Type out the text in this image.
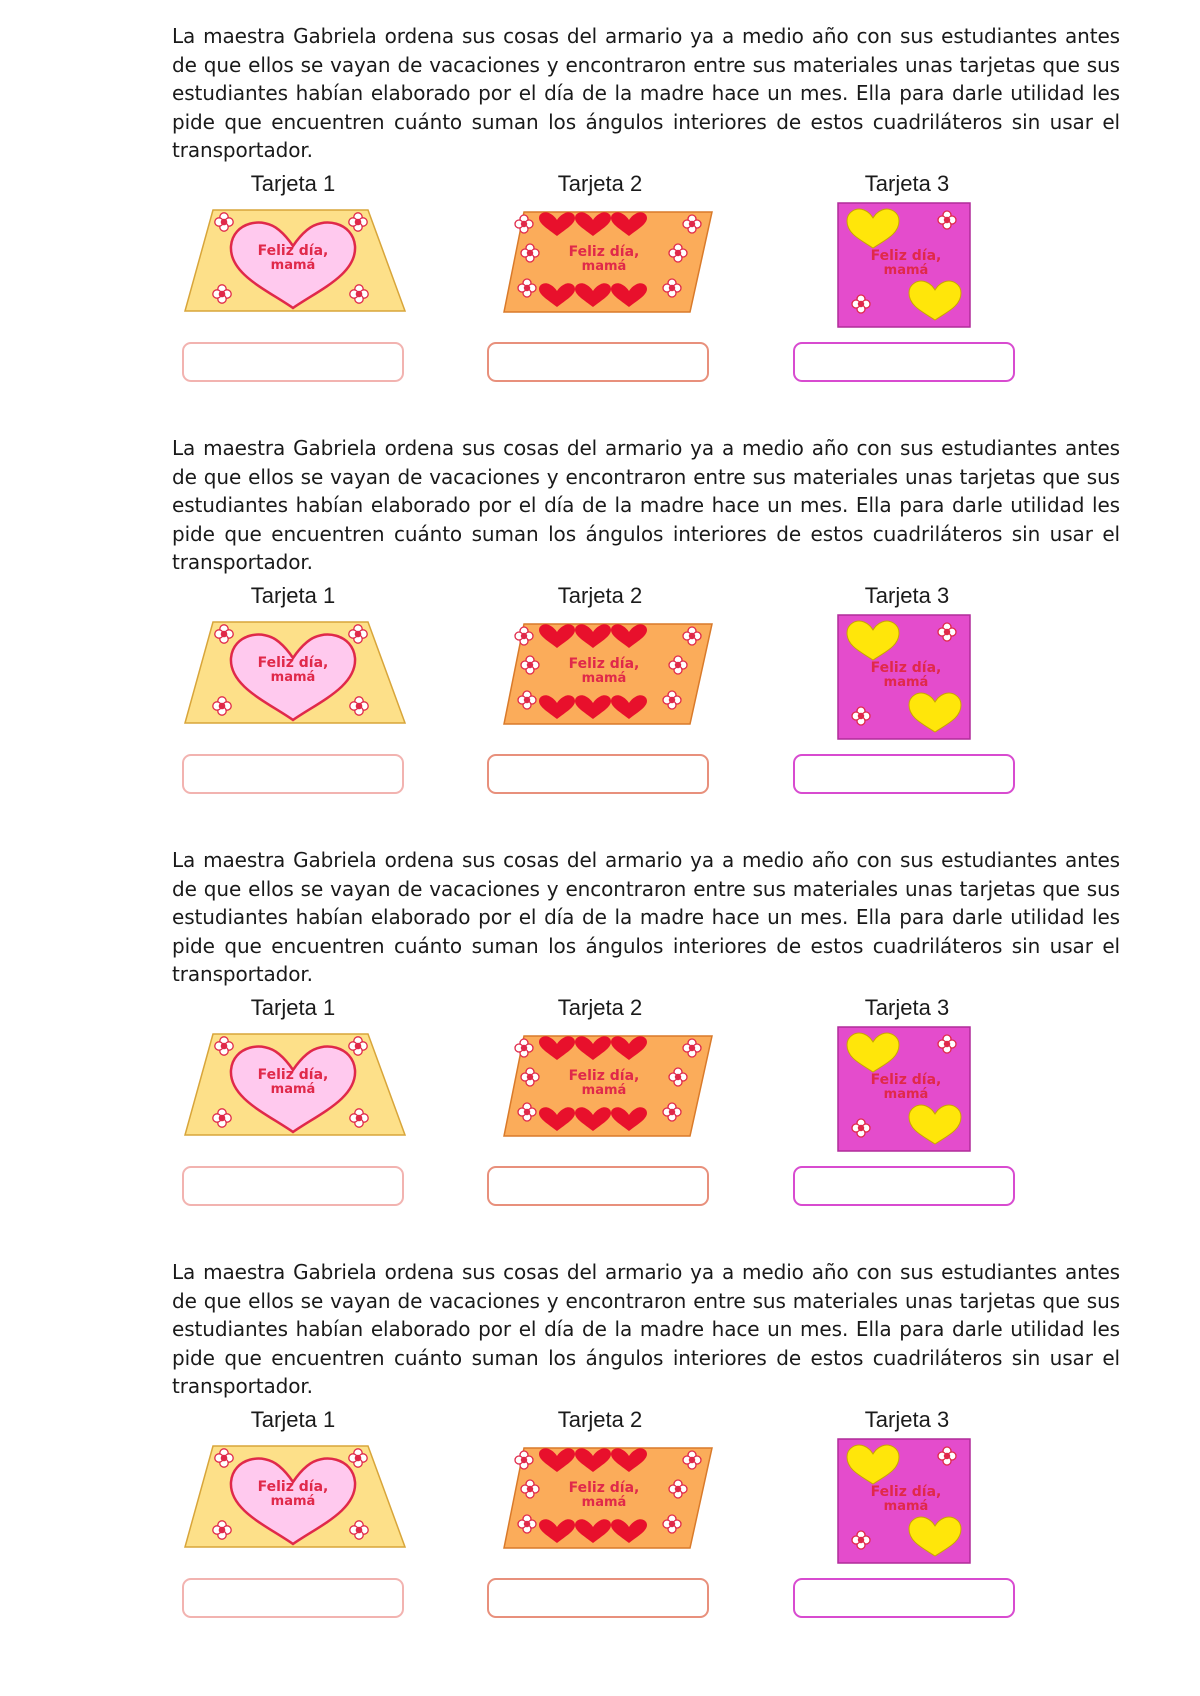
La maestra Gabriela ordena sus cosas del armario ya a medio año con sus estudiantes antes de que ellos se vayan de vacaciones y encontraron entre sus materiales unas tarjetas que sus estudiantes habían elaborado por el día de la madre hace un mes. Ella para darle utilidad les pide que encuentren cuánto suman los ángulos interiores de estos cuadriláteros sin usar el transportador.

Tarjeta 1
Feliz día,
mamá
Tarjeta 2
Feliz día,
mamá
Tarjeta 3
Feliz día,
mamá

La maestra Gabriela ordena sus cosas del armario ya a medio año con sus estudiantes antes de que ellos se vayan de vacaciones y encontraron entre sus materiales unas tarjetas que sus estudiantes habían elaborado por el día de la madre hace un mes. Ella para darle utilidad les pide que encuentren cuánto suman los ángulos interiores de estos cuadriláteros sin usar el transportador.

Tarjeta 1
Feliz día,
mamá
Tarjeta 2
Feliz día,
mamá
Tarjeta 3
Feliz día,
mamá

La maestra Gabriela ordena sus cosas del armario ya a medio año con sus estudiantes antes de que ellos se vayan de vacaciones y encontraron entre sus materiales unas tarjetas que sus estudiantes habían elaborado por el día de la madre hace un mes. Ella para darle utilidad les pide que encuentren cuánto suman los ángulos interiores de estos cuadriláteros sin usar el transportador.

Tarjeta 1
Feliz día,
mamá
Tarjeta 2
Feliz día,
mamá
Tarjeta 3
Feliz día,
mamá

La maestra Gabriela ordena sus cosas del armario ya a medio año con sus estudiantes antes de que ellos se vayan de vacaciones y encontraron entre sus materiales unas tarjetas que sus estudiantes habían elaborado por el día de la madre hace un mes. Ella para darle utilidad les pide que encuentren cuánto suman los ángulos interiores de estos cuadriláteros sin usar el transportador.

Tarjeta 1
Feliz día,
mamá
Tarjeta 2
Feliz día,
mamá
Tarjeta 3
Feliz día,
mamá
